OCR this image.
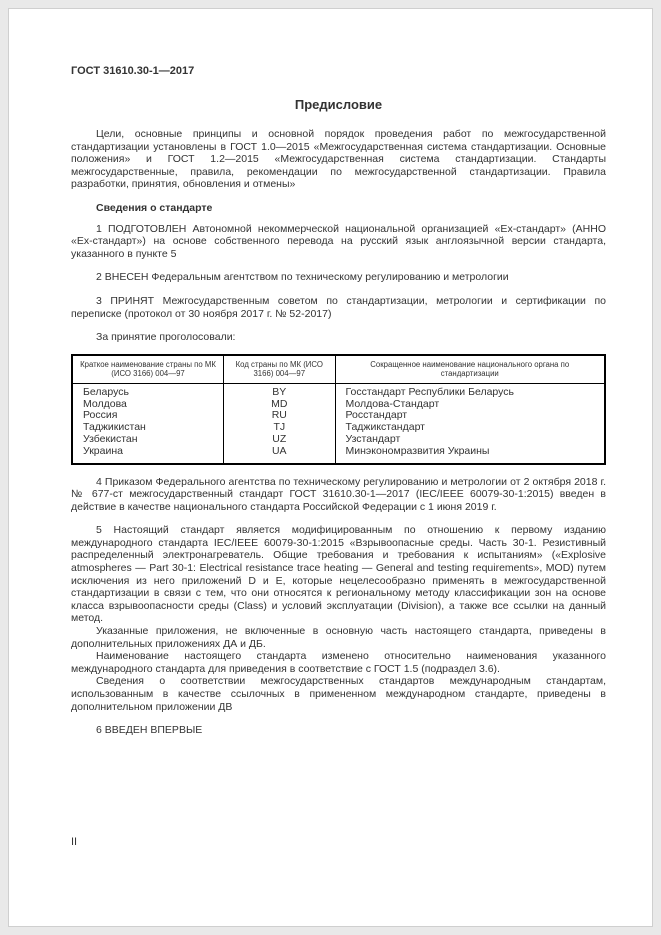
ГОСТ 31610.30-1—2017
Предисловие

Цели, основные принципы и основной порядок проведения работ по межгосударственной стандартизации установлены в ГОСТ 1.0—2015 «Межгосударственная система стандартизации. Основные положения» и ГОСТ 1.2—2015 «Межгосударственная система стандартизации. Стандарты межгосударственные, правила, рекомендации по межгосударственной стандартизации. Правила разработки, принятия, обновления и отмены»

Сведения о стандарте

1 ПОДГОТОВЛЕН Автономной некоммерческой национальной организацией «Ex-стандарт» (АННО «Ex-стандарт») на основе собственного перевода на русский язык англоязычной версии стандарта, указанного в пункте 5

2 ВНЕСЕН Федеральным агентством по техническому регулированию и метрологии

3 ПРИНЯТ Межгосударственным советом по стандартизации, метрологии и сертификации по переписке (протокол от 30 ноября 2017 г. № 52-2017)

За принятие проголосовали:

Краткое наименование страны по МК (ИСО 3166) 004—97	Код страны по МК (ИСО 3166) 004—97	Сокращенное наименование национального органа по стандартизации
Беларусь	BY	Госстандарт Республики Беларусь
Молдова	MD	Молдова-Стандарт
Россия	RU	Росстандарт
Таджикистан	TJ	Таджикстандарт
Узбекистан	UZ	Узстандарт
Украина	UA	Минэкономразвития Украины

4 Приказом Федерального агентства по техническому регулированию и метрологии от 2 октября 2018 г. № 677-ст межгосударственный стандарт ГОСТ 31610.30-1—2017 (IEC/IEEE 60079-30-1:2015) введен в действие в качестве национального стандарта Российской Федерации с 1 июня 2019 г.

5 Настоящий стандарт является модифицированным по отношению к первому изданию международного стандарта IEC/IEEE 60079-30-1:2015 «Взрывоопасные среды. Часть 30-1. Резистивный распределенный электронагреватель. Общие требования и требования к испытаниям» («Explosive atmospheres — Part 30-1: Electrical resistance trace heating — General and testing requirements», MOD) путем исключения из него приложений D и E, которые нецелесообразно применять в межгосударственной стандартизации в связи с тем, что они относятся к региональному методу классификации зон на основе класса взрывоопасности среды (Class) и условий эксплуатации (Division), а также все ссылки на данный метод.

Указанные приложения, не включенные в основную часть настоящего стандарта, приведены в дополнительных приложениях ДА и ДБ.

Наименование настоящего стандарта изменено относительно наименования указанного международного стандарта для приведения в соответствие с ГОСТ 1.5 (подраздел 3.6).

Сведения о соответствии межгосударственных стандартов международным стандартам, использованным в качестве ссылочных в примененном международном стандарте, приведены в дополнительном приложении ДВ

6 ВВЕДЕН ВПЕРВЫЕ

II
